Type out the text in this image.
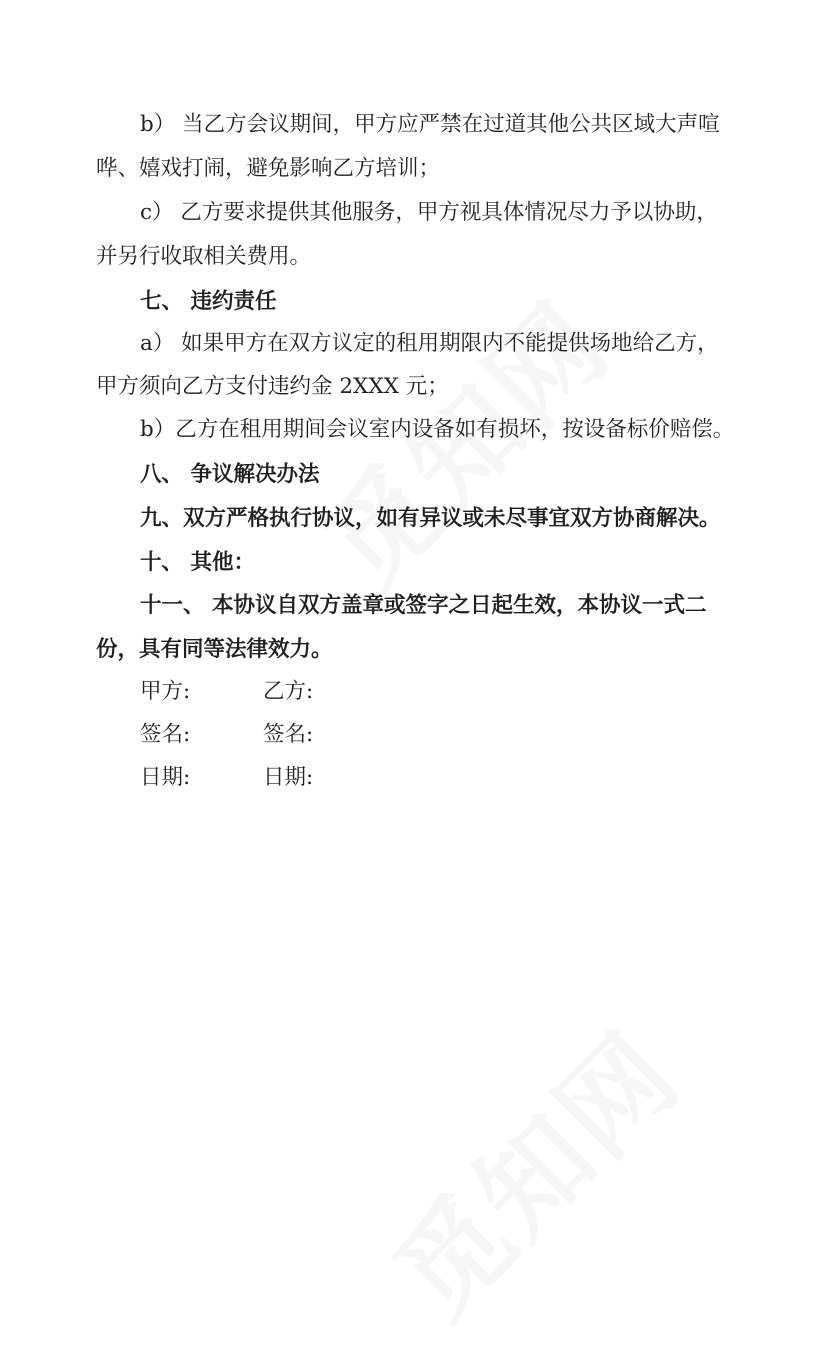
b） 当乙方会议期间，甲方应严禁在过道其他公共区域大声喧
哗、嬉戏打闹，避免影响乙方培训；
c） 乙方要求提供其他服务，甲方视具体情况尽力予以协助，
并另行收取相关费用。
七、 违约责任
a） 如果甲方在双方议定的租用期限内不能提供场地给乙方，
甲方须向乙方支付违约金 2XXX 元；
b）乙方在租用期间会议室内设备如有损坏，按设备标价赔偿。
八、 争议解决办法
九、双方严格执行协议，如有异议或未尽事宜双方协商解决。
十、 其他：
十一、 本协议自双方盖章或签字之日起生效，本协议一式二
份，具有同等法律效力。
甲方:	乙方:
签名:	签名:
日期:	日期:
